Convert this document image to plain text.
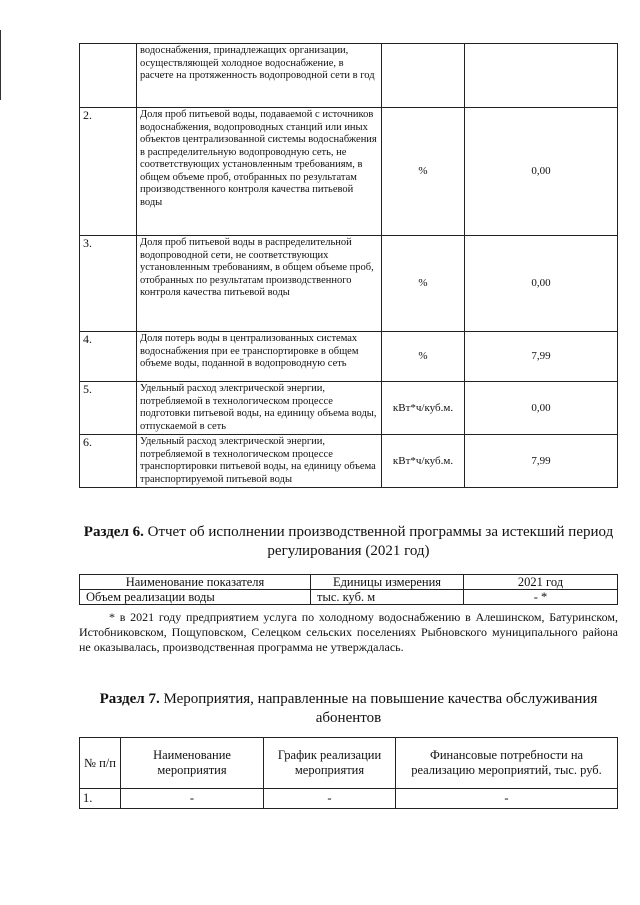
	водоснабжения, принадлежащих организации, осуществляющей холодное водоснабжение, в расчете на протяженность водопроводной сети в год		
2.	Доля проб питьевой воды, подаваемой с источников водоснабжения, водопроводных станций или иных объектов централизованной системы водоснабжения в распределительную водопроводную сеть, не соответствующих установленным требованиям, в общем объеме проб, отобранных по результатам производственного контроля качества питьевой воды	%	0,00
3.	Доля проб питьевой воды в распределительной водопроводной сети, не соответствующих установленным требованиям, в общем объеме проб, отобранных по результатам производственного контроля качества питьевой воды	%	0,00
4.	Доля потерь воды в централизованных системах водоснабжения при ее транспортировке в общем объеме воды, поданной в водопроводную сеть	%	7,99
5.	Удельный расход электрической энергии, потребляемой в технологическом процессе подготовки питьевой воды, на единицу объема воды, отпускаемой в сеть	кВт*ч/куб.м.	0,00
6.	Удельный расход электрической энергии, потребляемой в технологическом процессе транспортировки питьевой воды, на единицу объема транспортируемой питьевой воды	кВт*ч/куб.м.	7,99
Раздел 6. Отчет об исполнении производственной программы за истекший период регулирования (2021 год)
Наименование показателя	Единицы измерения	2021 год
Объем реализации воды	тыс. куб. м	- *
* в 2021 году предприятием услуга по холодному водоснабжению в Алешинском, Батуринском, Истобниковском, Пощуповском, Селецком сельских поселениях Рыбновского муниципального района не оказывалась, производственная программа не утверждалась.
Раздел 7. Мероприятия, направленные на повышение качества обслуживания абонентов
№ п/п	Наименование мероприятия	График реализации мероприятия	Финансовые потребности на реализацию мероприятий, тыс. руб.
1.	-	-	-
